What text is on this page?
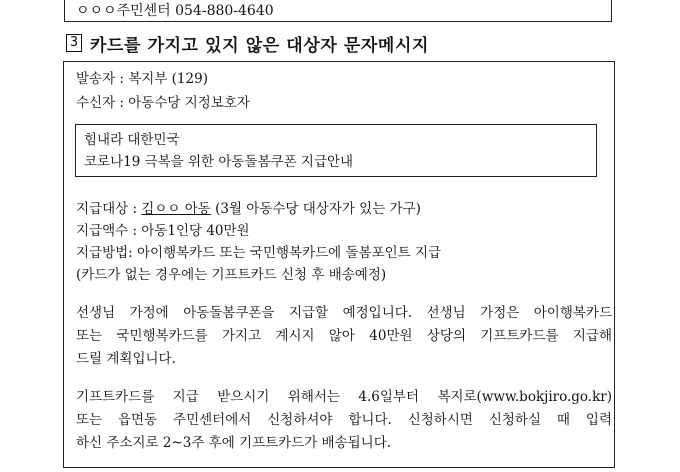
ㅇㅇㅇ주민센터 054-880-4640
3 카드를 가지고 있지 않은 대상자 문자메시지
발송자 : 복지부 (129)
수신자 : 아동수당 지정보호자
힘내라 대한민국
코로나19 극복을 위한 아동돌봄쿠폰 지급안내
지급대상 : 김ㅇㅇ 아동 (3월 아동수당 대상자가 있는 가구)
지급액수 : 아동1인당 40만원
지급방법: 아이행복카드 또는 국민행복카드에 돌봄포인트 지급
(카드가 없는 경우에는 기프트카드 신청 후 배송예정)
선생님 가정에 아동돌봄쿠폰을 지급할 예정입니다. 선생님 가정은 아이행복카드
또는 국민행복카드를 가지고 계시지 않아 40만원 상당의 기프트카드를 지급해
드릴 계획입니다.
기프트카드를 지급 받으시기 위해서는 4.6일부터 복지로(www.bokjiro.go.kr)
또는 읍면동 주민센터에서 신청하셔야 합니다. 신청하시면 신청하실 때 입력
하신 주소지로 2~3주 후에 기프트카드가 배송됩니다.
